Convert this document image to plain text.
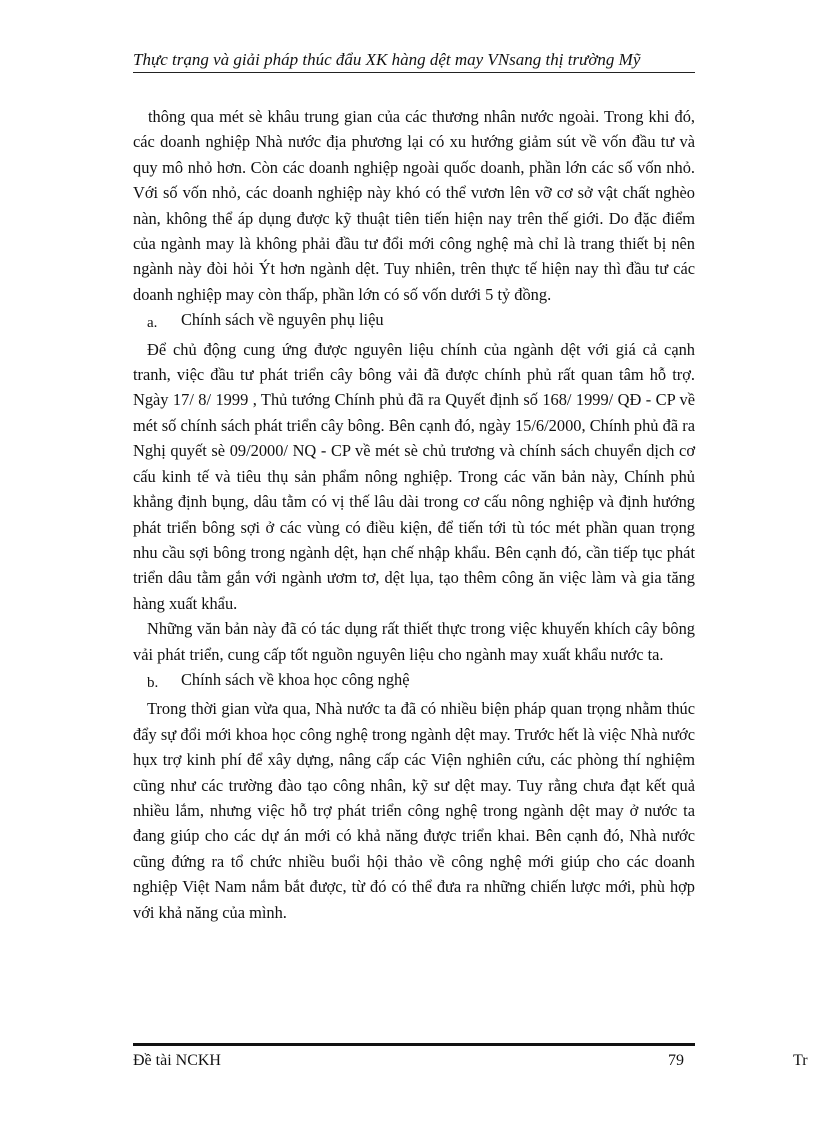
Thực trạng và giải pháp thúc đẩu XK hàng dệt may VNsang thị trường Mỹ

thông qua mét sè khâu trung gian của các thương nhân nước ngoài. Trong khi đó, các doanh nghiệp Nhà nước địa phương lại có xu hướng giảm sút về vốn đầu tư và quy mô nhỏ hơn. Còn các doanh nghiệp ngoài quốc doanh, phần lớn các số vốn nhỏ. Với số vốn nhỏ, các doanh nghiệp này khó có thể vươn lên vỡ cơ sở vật chất nghèo nàn, không thể áp dụng được kỹ thuật tiên tiến hiện nay trên thế giới. Do đặc điểm của ngành may là không phải đầu tư đổi mới công nghệ mà chỉ là trang thiết bị nên ngành này đòi hỏi Ýt hơn ngành dệt. Tuy nhiên, trên thực tế hiện nay thì đầu tư các doanh nghiệp may còn thấp, phần lớn có số vốn dưới 5 tỷ đồng.

a. Chính sách về nguyên phụ liệu

Để chủ động cung ứng được nguyên liệu chính của ngành dệt với giá cả cạnh tranh, việc đầu tư phát triển cây bông vải đã được chính phủ rất quan tâm hỗ trợ. Ngày 17/ 8/ 1999 , Thủ tướng Chính phủ đã ra Quyết định số 168/ 1999/ QĐ - CP về mét số chính sách phát triển cây bông. Bên cạnh đó, ngày 15/6/2000, Chính phủ đã ra Nghị quyết sè 09/2000/ NQ - CP về mét sè chủ trương và chính sách chuyển dịch cơ cấu kinh tế và tiêu thụ sản phẩm nông nghiệp. Trong các văn bản này, Chính phủ khẳng định bụng, dâu tằm có vị thế lâu dài trong cơ cấu nông nghiệp và định hướng phát triển bông sợi ở các vùng có điều kiện, để tiến tới tù tóc mét phần quan trọng nhu cầu sợi bông trong ngành dệt, hạn chế nhập khẩu. Bên cạnh đó, cần tiếp tục phát triển dâu tằm gắn với ngành ươm tơ, dệt lụa, tạo thêm công ăn việc làm và gia tăng hàng xuất khẩu.

Những văn bản này đã có tác dụng rất thiết thực trong việc khuyến khích cây bông vải phát triển, cung cấp tốt nguồn nguyên liệu cho ngành may xuất khẩu nước ta.

b. Chính sách về khoa học công nghệ

Trong thời gian vừa qua, Nhà nước ta đã có nhiều biện pháp quan trọng nhằm thúc đẩy sự đổi mới khoa học công nghệ trong ngành dệt may. Trước hết là việc Nhà nước hụx trợ kinh phí để xây dựng, nâng cấp các Viện nghiên cứu, các phòng thí nghiệm cũng như các trường đào tạo công nhân, kỹ sư dệt may. Tuy rằng chưa đạt kết quả nhiều lắm, nhưng việc hỗ trợ phát triển công nghệ trong ngành dệt may ở nước ta đang giúp cho các dự án mới có khả năng được triển khai. Bên cạnh đó, Nhà nước cũng đứng ra tổ chức nhiều buổi hội thảo về công nghệ mới giúp cho các doanh nghiệp Việt Nam nắm bắt được, từ đó có thể đưa ra những chiến lược mới, phù hợp với khả năng của mình.

Đề tài NCKH	79	Tr
